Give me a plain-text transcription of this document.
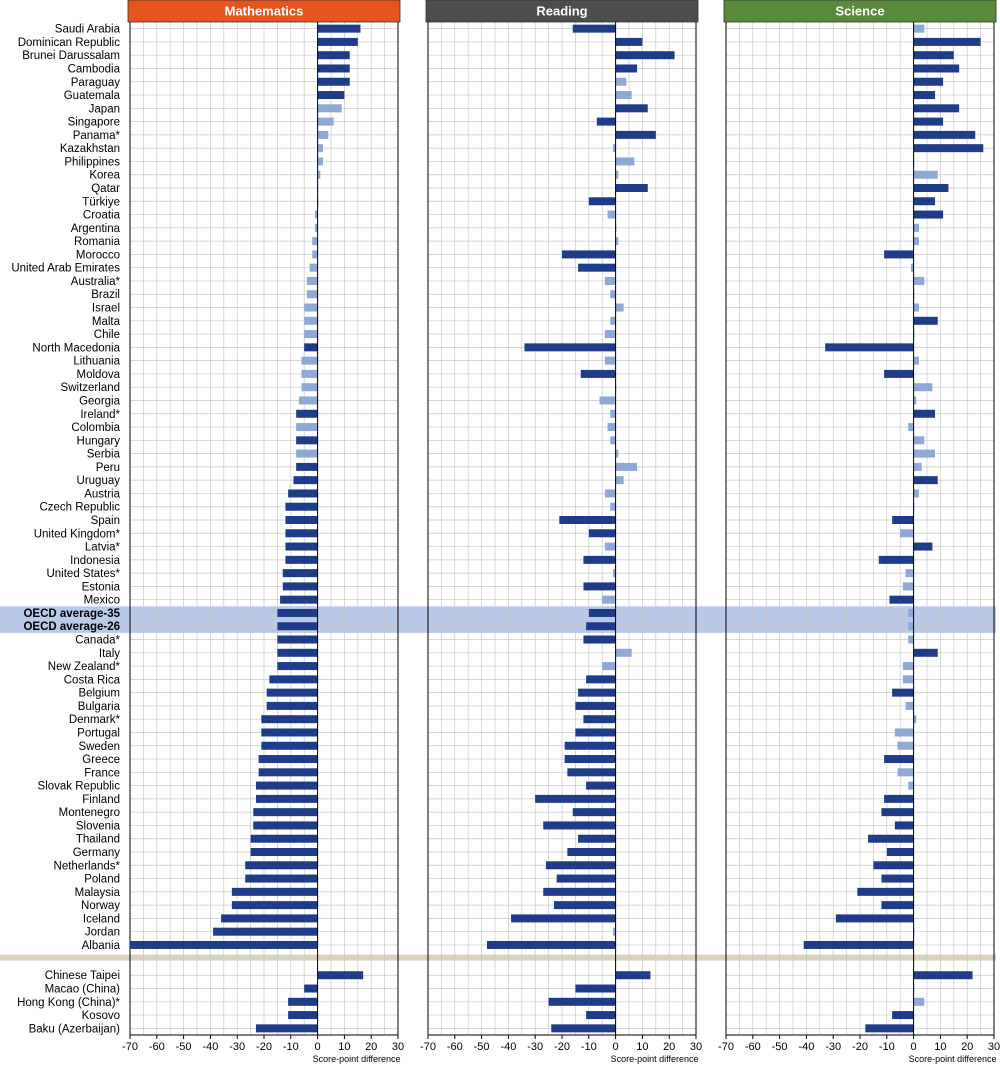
Mathematics
-70 -60 -50 -40 -30 -20 -10 0 10 20 30
Score-point difference
Reading
-70 -60 -50 -40 -30 -20 -10 0 10 20 30
Score-point difference
Science
-70 -60 -50 -40 -30 -20 -10 0 10 20 30
Score-point difference
Saudi Arabia
Dominican Republic
Brunei Darussalam
Cambodia
Paraguay
Guatemala
Japan
Singapore
Panama*
Kazakhstan
Philippines
Korea
Qatar
Türkiye
Croatia
Argentina
Romania
Morocco
United Arab Emirates
Australia*
Brazil
Israel
Malta
Chile
North Macedonia
Lithuania
Moldova
Switzerland
Georgia
Ireland*
Colombia
Hungary
Serbia
Peru
Uruguay
Austria
Czech Republic
Spain
United Kingdom*
Latvia*
Indonesia
United States*
Estonia
Mexico
OECD average-35
OECD average-26
Canada*
Italy
New Zealand*
Costa Rica
Belgium
Bulgaria
Denmark*
Portugal
Sweden
Greece
France
Slovak Republic
Finland
Montenegro
Slovenia
Thailand
Germany
Netherlands*
Poland
Malaysia
Norway
Iceland
Jordan
Albania
Chinese Taipei
Macao (China)
Hong Kong (China)*
Kosovo
Baku (Azerbaijan)
